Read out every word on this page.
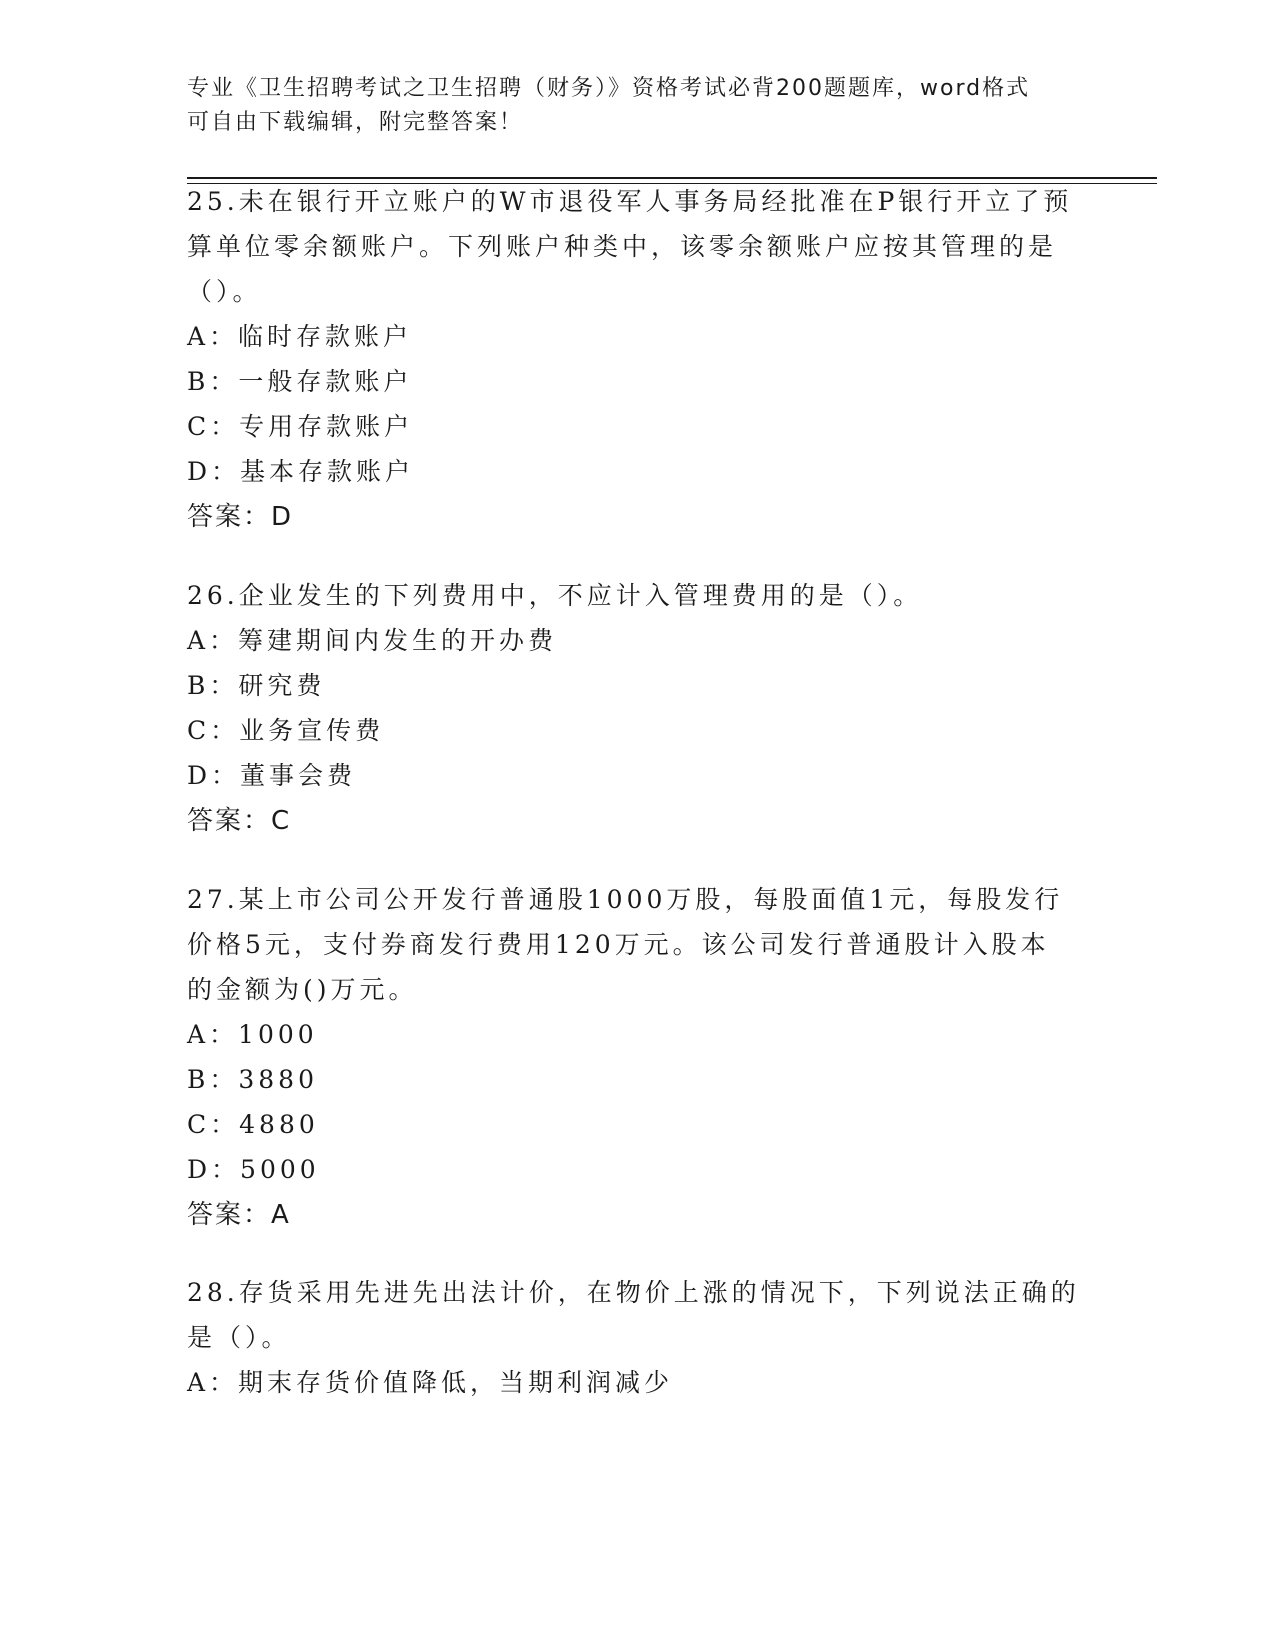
专业《卫生招聘考试之卫生招聘（财务）》资格考试必背200题题库，word格式
可自由下载编辑，附完整答案！
25.未在银行开立账户的W市退役军人事务局经批准在P银行开立了预
算单位零余额账户。下列账户种类中，该零余额账户应按其管理的是
（）。
A：临时存款账户
B：一般存款账户
C：专用存款账户
D：基本存款账户
答案：D
26.企业发生的下列费用中，不应计入管理费用的是（）。
A：筹建期间内发生的开办费
B：研究费
C：业务宣传费
D：董事会费
答案：C
27.某上市公司公开发行普通股1000万股，每股面值1元，每股发行
价格5元，支付券商发行费用120万元。该公司发行普通股计入股本
的金额为()万元。
A：1000
B：3880
C：4880
D：5000
答案：A
28.存货采用先进先出法计价，在物价上涨的情况下，下列说法正确的
是（）。
A：期末存货价值降低，当期利润减少
